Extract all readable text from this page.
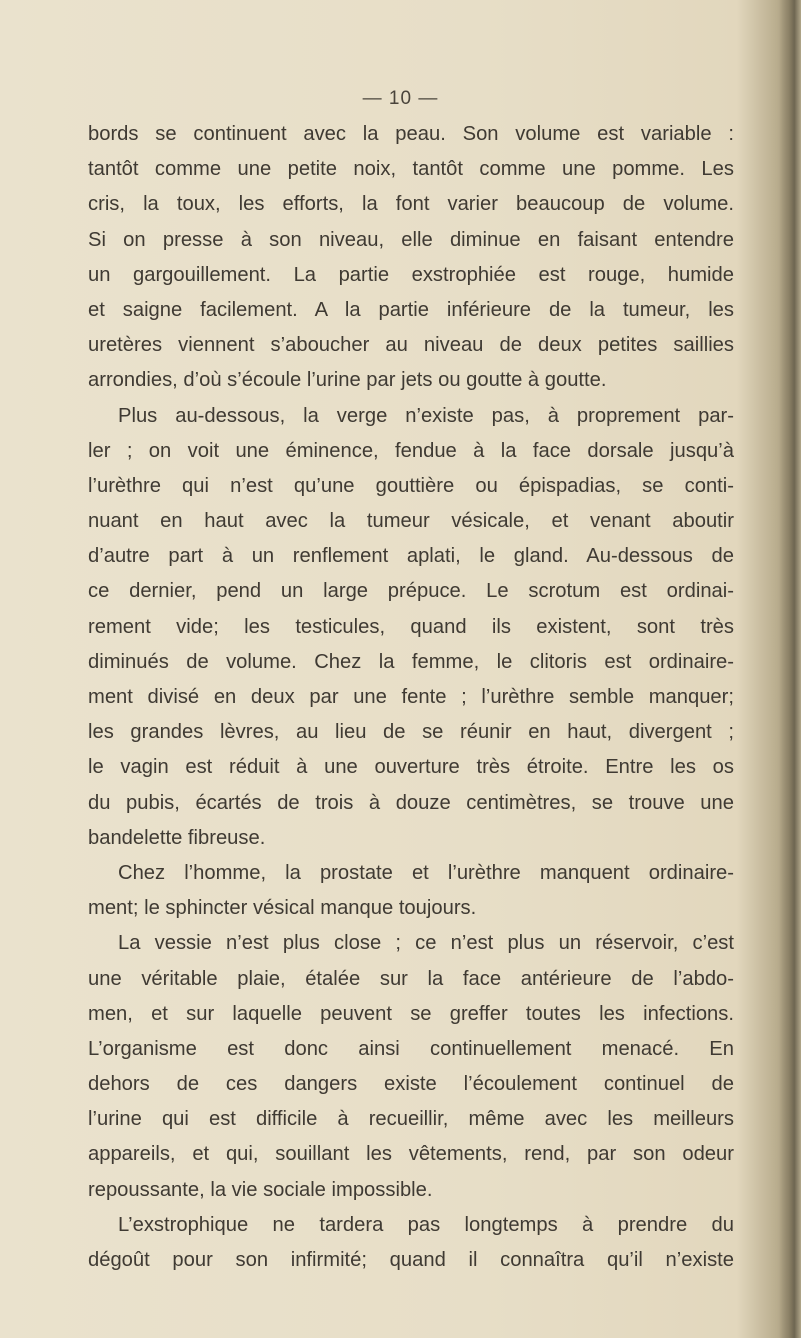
— 10 —
bords se continuent avec la peau. Son volume est variable :
tantôt comme une petite noix, tantôt comme une pomme. Les
cris, la toux, les efforts, la font varier beaucoup de volume.
Si on presse à son niveau, elle diminue en faisant entendre
un gargouillement. La partie exstrophiée est rouge, humide
et saigne facilement. A la partie inférieure de la tumeur, les
uretères viennent s’aboucher au niveau de deux petites saillies
arrondies, d’où s’écoule l’urine par jets ou goutte à goutte.
Plus au-dessous, la verge n’existe pas, à proprement par-
ler ; on voit une éminence, fendue à la face dorsale jusqu’à
l’urèthre qui n’est qu’une gouttière ou épispadias, se conti-
nuant en haut avec la tumeur vésicale, et venant aboutir
d’autre part à un renflement aplati, le gland. Au-dessous de
ce dernier, pend un large prépuce. Le scrotum est ordinai-
rement vide; les testicules, quand ils existent, sont très
diminués de volume. Chez la femme, le clitoris est ordinaire-
ment divisé en deux par une fente ; l’urèthre semble manquer;
les grandes lèvres, au lieu de se réunir en haut, divergent ;
le vagin est réduit à une ouverture très étroite. Entre les os
du pubis, écartés de trois à douze centimètres, se trouve une
bandelette fibreuse.
Chez l’homme, la prostate et l’urèthre manquent ordinaire-
ment; le sphincter vésical manque toujours.
La vessie n’est plus close ; ce n’est plus un réservoir, c’est
une véritable plaie, étalée sur la face antérieure de l’abdo-
men, et sur laquelle peuvent se greffer toutes les infections.
L’organisme est donc ainsi continuellement menacé. En
dehors de ces dangers existe l’écoulement continuel de
l’urine qui est difficile à recueillir, même avec les meilleurs
appareils, et qui, souillant les vêtements, rend, par son odeur
repoussante, la vie sociale impossible.
L’exstrophique ne tardera pas longtemps à prendre du
dégoût pour son infirmité; quand il connaîtra qu’il n’existe
